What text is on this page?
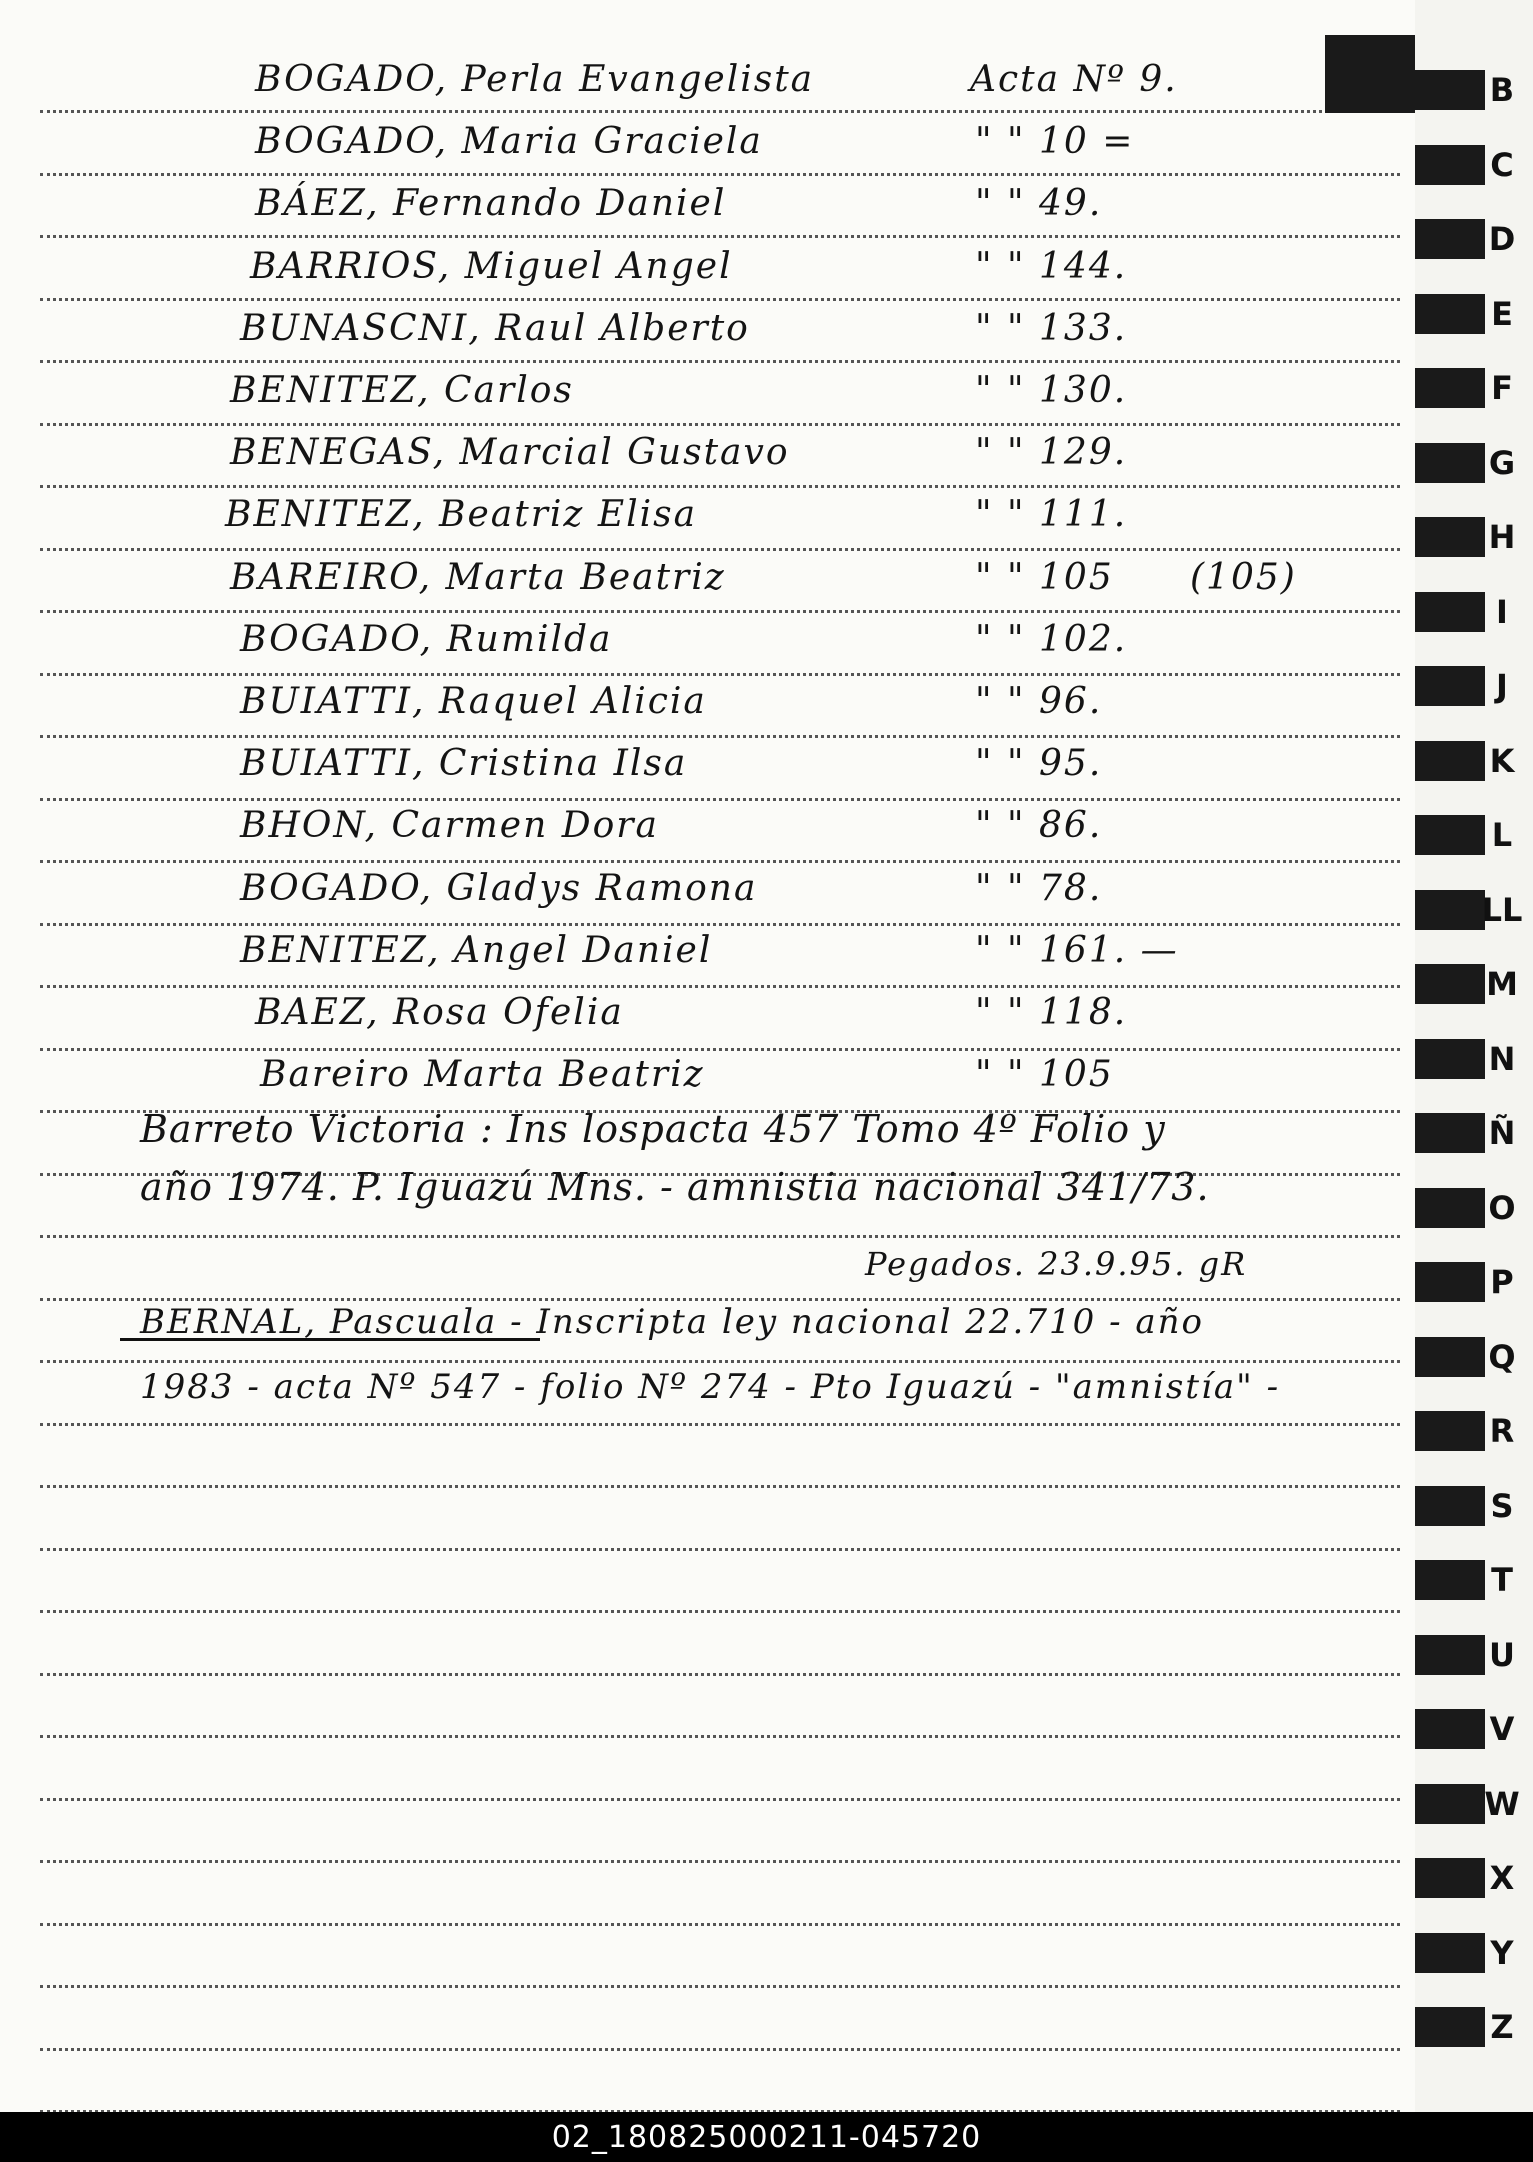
BOGADO, Perla Evangelista	Acta Nº 9.
BOGADO, Maria Graciela	" " 10 =
BÁEZ, Fernando Daniel	" " 49.
BARRIOS, Miguel Angel	" " 144.
BUNASCNI, Raul Alberto	" " 133.
BENITEZ, Carlos	" " 130.
BENEGAS, Marcial Gustavo	" " 129.
BENITEZ, Beatriz Elisa	" " 111.
BAREIRO, Marta Beatriz	" " 105 (105)
BOGADO, Rumilda	" " 102.
BUIATTI, Raquel Alicia	" " 96.
BUIATTI, Cristina Ilsa	" " 95.
BHON, Carmen Dora	" " 86.
BOGADO, Gladys Ramona	" " 78.
BENITEZ, Angel Daniel	" " 161. —
BAEZ, Rosa Ofelia	" " 118.
Bareiro Marta Beatriz	" " 105
Barreto Victoria : Ins lospacta 457 Tomo 4º Folio y
año 1974. P. Iguazú Mns. - amnistia nacional 341/73.
Pegados. 23.9.95. gR
BERNAL, Pascuala - Inscripta ley nacional 22.710 - año
1983 - acta Nº 547 - folio Nº 274 - Pto Iguazú - "amnistía" -
B
C
D
E
F
G
H
I
J
K
L
LL
M
N
Ñ
O
P
Q
R
S
T
U
V
W
X
Y
Z
02_180825000211-045720
